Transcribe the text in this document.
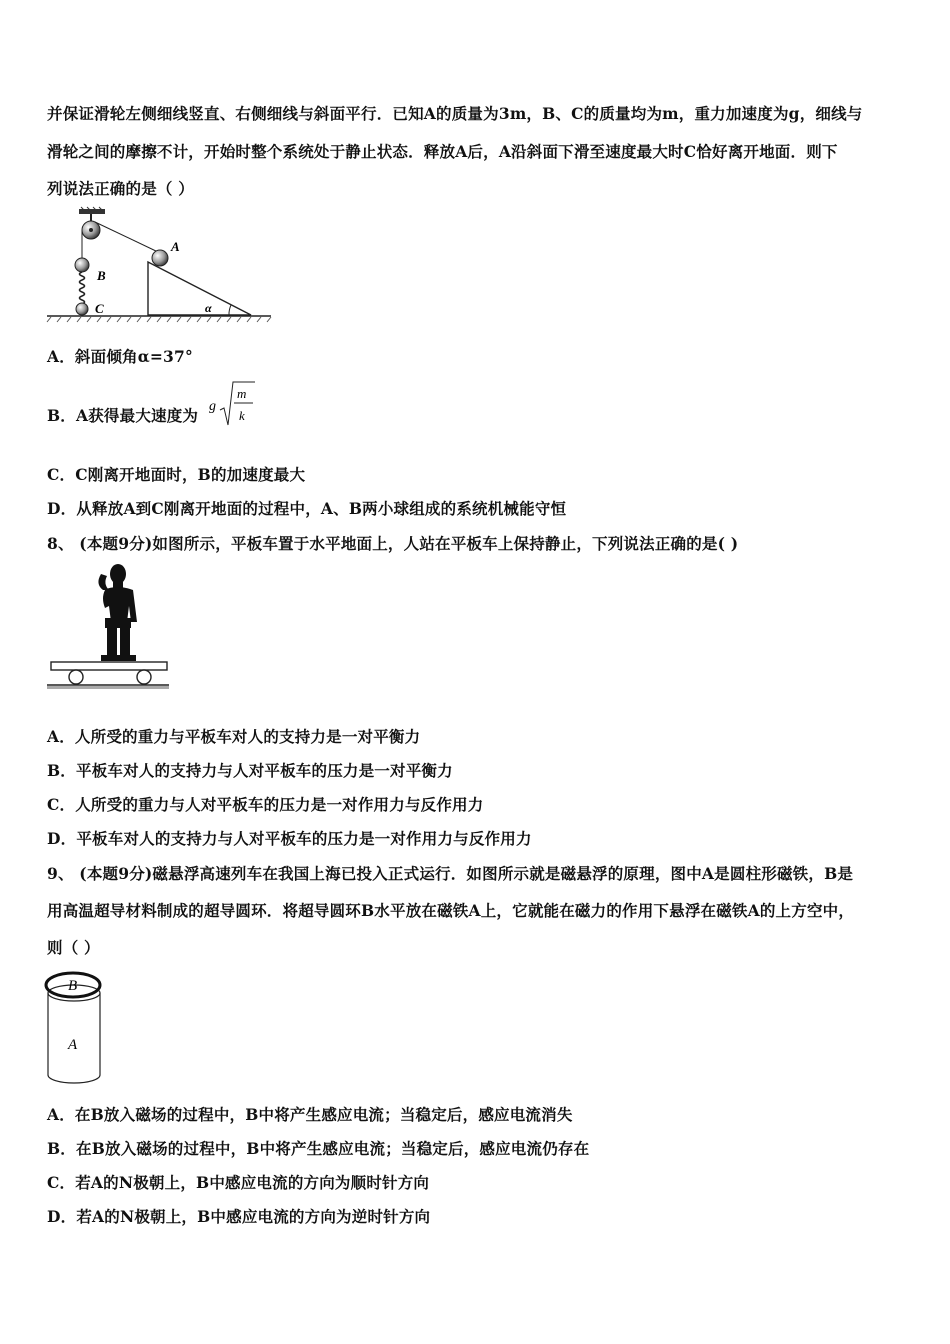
并保证滑轮左侧细线竖直、右侧细线与斜面平行．已知A的质量为3m，B、C的质量均为m，重力加速度为g，细线与
滑轮之间的摩擦不计，开始时整个系统处于静止状态．释放A后，A沿斜面下滑至速度最大时C恰好离开地面．则下
列说法正确的是（ ）
A
B
C	α
A．斜面倾角α=37°
B．A获得最大速度为 g
m
k
C．C刚离开地面时，B的加速度最大
D．从释放A到C刚离开地面的过程中，A、B两小球组成的系统机械能守恒
8、 (本题9分)如图所示，平板车置于水平地面上，人站在平板车上保持静止，下列说法正确的是( )
A．人所受的重力与平板车对人的支持力是一对平衡力
B．平板车对人的支持力与人对平板车的压力是一对平衡力
C．人所受的重力与人对平板车的压力是一对作用力与反作用力
D．平板车对人的支持力与人对平板车的压力是一对作用力与反作用力
9、 (本题9分)磁悬浮高速列车在我国上海已投入正式运行．如图所示就是磁悬浮的原理，图中A是圆柱形磁铁，B是
用高温超导材料制成的超导圆环．将超导圆环B水平放在磁铁A上，它就能在磁力的作用下悬浮在磁铁A的上方空中，
则（ ）
B
A
A．在B放入磁场的过程中，B中将产生感应电流；当稳定后，感应电流消失
B．在B放入磁场的过程中，B中将产生感应电流；当稳定后，感应电流仍存在
C．若A的N极朝上，B中感应电流的方向为顺时针方向
D．若A的N极朝上，B中感应电流的方向为逆时针方向
